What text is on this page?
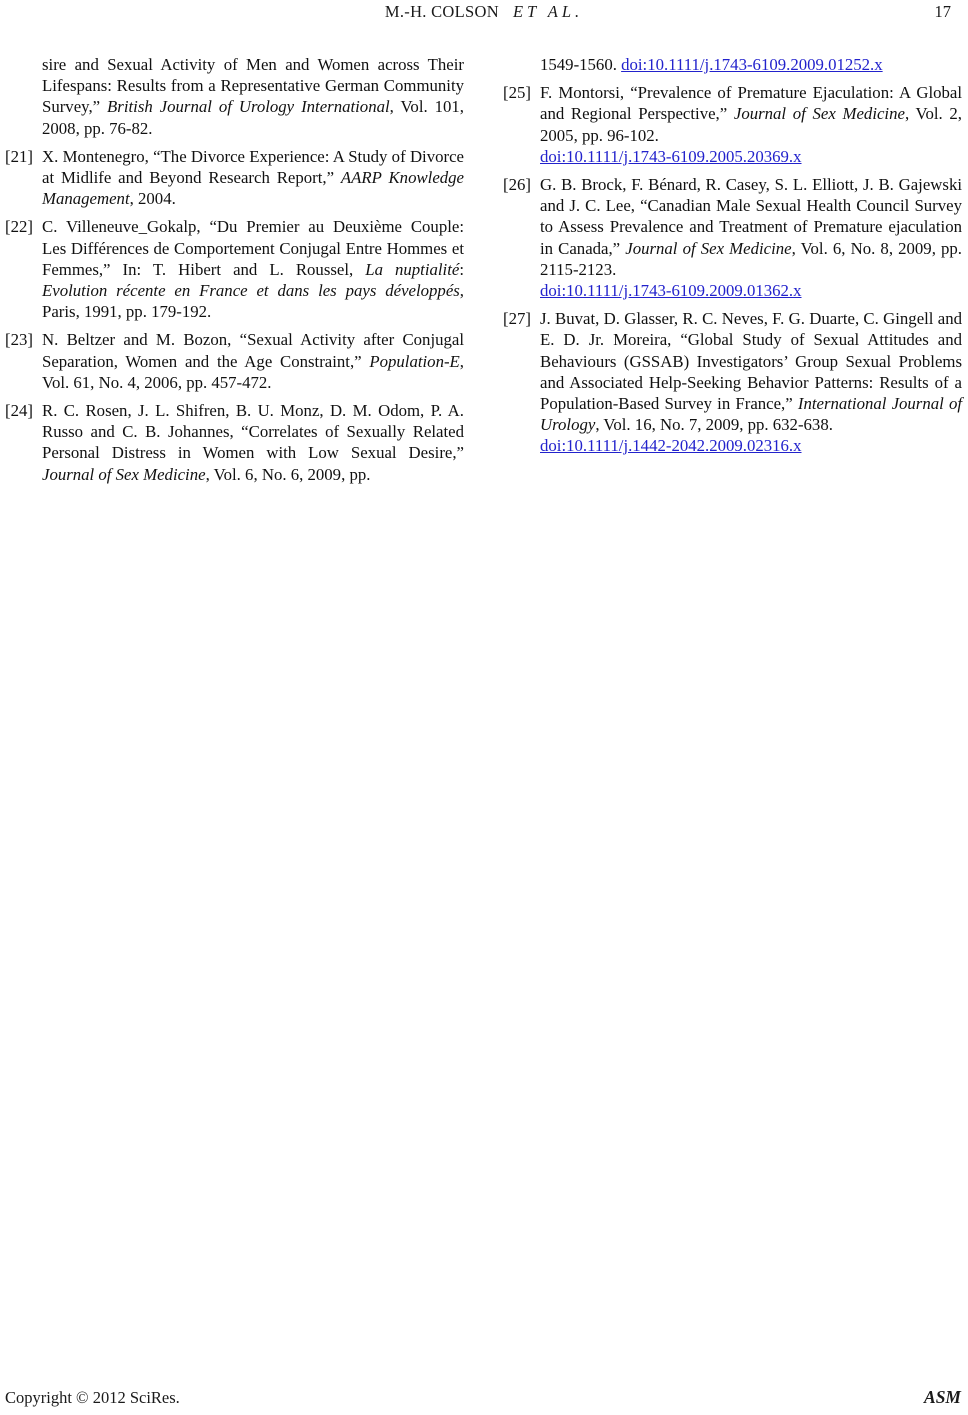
M.-H. COLSON ET AL.	17
sire and Sexual Activity of Men and Women across Their Lifespans: Results from a Representative German Community Survey,” British Journal of Urology International, Vol. 101, 2008, pp. 76-82.
[21] X. Montenegro, “The Divorce Experience: A Study of Divorce at Midlife and Beyond Research Report,” AARP Knowledge Management, 2004.
[22] C. Villeneuve_Gokalp, “Du Premier au Deuxième Couple: Les Différences de Comportement Conjugal Entre Hommes et Femmes,” In: T. Hibert and L. Roussel, La nuptialité: Evolution récente en France et dans les pays développés, Paris, 1991, pp. 179-192.
[23] N. Beltzer and M. Bozon, “Sexual Activity after Conjugal Separation, Women and the Age Constraint,” Population-E, Vol. 61, No. 4, 2006, pp. 457-472.
[24] R. C. Rosen, J. L. Shifren, B. U. Monz, D. M. Odom, P. A. Russo and C. B. Johannes, “Correlates of Sexually Related Personal Distress in Women with Low Sexual Desire,” Journal of Sex Medicine, Vol. 6, No. 6, 2009, pp.
1549-1560. doi:10.1111/j.1743-6109.2009.01252.x
[25] F. Montorsi, “Prevalence of Premature Ejaculation: A Global and Regional Perspective,” Journal of Sex Medicine, Vol. 2, 2005, pp. 96-102.
doi:10.1111/j.1743-6109.2005.20369.x
[26] G. B. Brock, F. Bénard, R. Casey, S. L. Elliott, J. B. Gajewski and J. C. Lee, “Canadian Male Sexual Health Council Survey to Assess Prevalence and Treatment of Premature ejaculation in Canada,” Journal of Sex Medicine, Vol. 6, No. 8, 2009, pp. 2115-2123.
doi:10.1111/j.1743-6109.2009.01362.x
[27] J. Buvat, D. Glasser, R. C. Neves, F. G. Duarte, C. Gingell and E. D. Jr. Moreira, “Global Study of Sexual Attitudes and Behaviours (GSSAB) Investigators’ Group Sexual Problems and Associated Help-Seeking Behavior Patterns: Results of a Population-Based Survey in France,” International Journal of Urology, Vol. 16, No. 7, 2009, pp. 632-638.
doi:10.1111/j.1442-2042.2009.02316.x
Copyright © 2012 SciRes.	ASM
